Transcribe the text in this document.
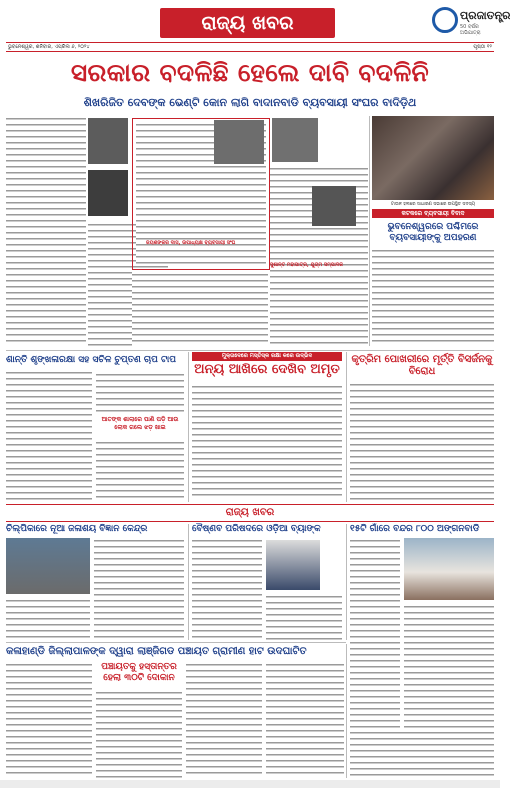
ରାଜ୍ୟ ଖବର	ପ୍ରଜାତନ୍ତ୍ର
50 ବର୍ଷର ଅଭିଯାତ୍ରା
ଭୁବନେଶ୍ୱର, ଶନିବାର, ଏପ୍ରିଲ ୬, ୨୦୨୪	ପୃଷ୍ଠା ୧୨
ସରକାର ବଦଳିଛି ହେଲେ ଦାବି ବଦଳିନି
ଶିଖରିଜିତ ଦେବଙ୍କ ଭେଣ୍ଟି କୋନ ଲାଗି ବାଦାନବାଡି ବ୍ୟବସାୟୀ ସଂଘର ବାଦିଡ଼ିଥ
ଜୟଶଙ୍କର ଦାସ, ଉପାଧ୍ୟକ୍ଷ ବ୍ୟବସାୟୀ ସଂଘ
ସୁଶାନ୍ତ ମହାପାତ୍ର, ଯୁଗ୍ମ ସମ୍ପାଦକ
ଟାଉନ ହଲରେ ସାଧାରଣ ସଭାରେ ଉପସ୍ଥିତ ସଦସ୍ୟ
କଟକରେ ବ୍ୟବସାୟୀ ବିବାଦ
ଭୁବନେଶ୍ୱରରେ ପଶ୍ଚିମରେ ବ୍ୟବସାୟୀଙ୍କୁ ଅପହରଣ
ଶାନ୍ତି ଶୃଙ୍ଖଳାରକ୍ଷା ସହ ସଚିଳ ଚୁପ୍ତଣ ଚାପ ଟାପ
ଆତଙ୍କ ଶାଲାରେ ପାଣି ପଡ଼ି ଆଉ ଲୋକ ଗଲେ ଝଡ଼ ଖାଇ
ମୁକ୍ତାଦେରେ ମସ୍ତିସ୍କ ରକ୍ଷା କରେ ଉଦ୍ଭିଦ
ଅନ୍ୟ ଆଖିରେ ଦେଖିବ ଅମୃତ
କୃତ୍ରିମ ପୋଖରୀରେ ମୂର୍ତ୍ତି ବିସର୍ଜନକୁ ବିରୋଧ
ରାଜ୍ୟ ଖବର
ଚିଲ୍ପିକାରେ ନୂଆ ଜଳାଶୟ ବିଜ୍ଞାନ କେନ୍ଦ୍ର	ବୈଷ୍ଣବ ପରିଷଦରେ ଓଡ଼ିଆ ବ୍ୟାଙ୍କ	୧୫ଟି ଗାଁରେ ବନ୍ଦର ୮୦୦ ଅଙ୍ଗନବାଡି
କଳାହାଣ୍ଡି ଜିଲ୍ଲାପାଳଙ୍କ ଦ୍ୱାରା ଲାଞ୍ଜିଗଡ ପଞ୍ଚାୟତ ଗ୍ରାମୀଣ ହାଟ ଉଦଘାଟିତ
ପଞ୍ଚାୟତକୁ ହସ୍ତାନ୍ତର ହେଲା ୩୦ଟି ଦୋକାନ
